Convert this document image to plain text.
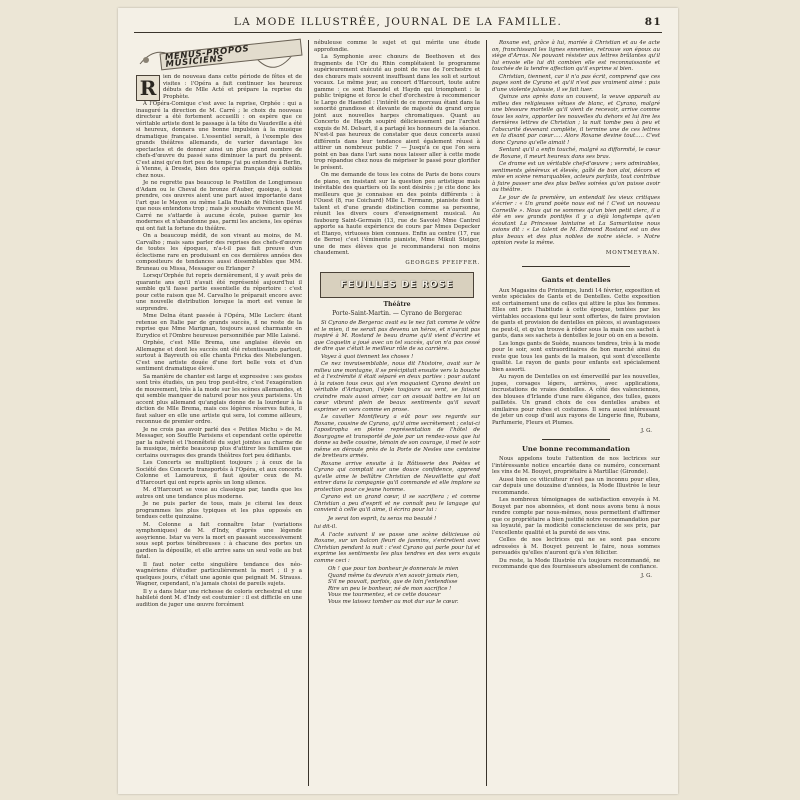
LA MODE ILLUSTRÉE, JOURNAL DE LA FAMILLE.	81
MENUS-PROPOS MUSICIENS

R	ien de nouveau dans cette période de fêtes et de visites : l'Opéra a fait continuer les heureux débuts de Mlle Acté et prépare la reprise du Prophète.

A l'Opéra-Comique c'est avec la reprise, Orphée : qui a inauguré la direction de M. Carré ; le choix du nouveau directeur a été fortement accueilli : on espère que ce véritable artiste dont le passage à la tête du Vaudeville a été si heureux, donnera une bonne impulsion à la musique dramatique française. L'essentiel serait, à l'exemple des grands théâtres allemands, de varier davantage les spectacles et de donner ainsi un plus grand nombre de chefs-d'œuvre du passé sans diminuer la part du présent. C'est ainsi qu'en fort peu de temps j'ai pu entendre à Berlin, à Vienne, à Dresde, bien des opéras français déjà oubliés chez nous.

Je ne regrette pas beaucoup le Postillon de Longjumeau d'Adam ou le Cheval de bronze d'Auber, quoique, à tout prendre, ces œuvres aient une part aussi importante dans l'art que le Mayon ou même Lalla Roukh de Félicien David que nous entendons trop ; mais je souhaite vivement que M. Carré ne s'attarde à aucune école, puisse garnir les modernes et n'abandonne pas, parmi les anciens, les opéras qui ont fait la fortune du théâtre.

On a beaucoup médit, de son vivant au moins, de M. Carvalho ; mais sans parler des reprises des chefs-d'œuvre de toutes les époques, n'a-t-il pas fait preuve d'un éclectisme rare en produisant en ces dernières années des compositeurs de tendances aussi dissemblables que MM. Bruneau ou Missa, Messager ou Erlanger ?

Lorsqu'Orphée fut repris dernièrement, il y avait près de quarante ans qu'il n'avait été représenté aujourd'hui il semble qu'il fasse partie essentielle du répertoire : c'est pour cette raison que M. Carvalho le préparait encore avec une nouvelle distribution lorsque la mort est venue le surprendre.

Mme Delna étant passée à l'Opéra, Mlle Leclerc étant retenue en Italie par de grands succès, il ne reste de la reprise que Mme Marignan, toujours aussi charmante en Eurydice et l'Ombre heureuse personnifiée par Mlle Laisné.

Orphée, c'est Mlle Brema, une anglaise élevée en Allemagne et dont les succès ont été retentissants partout, surtout à Bayreuth où elle chanta Fricka des Niebelungen. C'est une artiste douée d'une fort belle voix et d'un sentiment dramatique élevé.

Sa manière de chanter est large et expressive : ses gestes sont très étudiés, un peu trop peut-être, c'est l'exagération de mouvement, très à la mode sur les scènes allemandes, et qui semble manquer de naturel pour nos yeux parisiens. Un accent plus allemand qu'anglais donne de la lourdeur à la diction de Mlle Brema, mais ces légères réserves faites, il faut saluer en elle une artiste qui sera, loi comme ailleurs, reconnue de premier ordre.

Je ne crois pas avoir parlé des « Petites Michu » de M. Messager, son Souffle Parisiens et cependant cette opérette par la naïveté et l'honnêteté du sujet jointes au charme de la musique, mérite beaucoup plus d'attirer les familles que certains ouvrages des grands théâtres fort peu édifiants.

Les Concerts se multiplient toujours ; à ceux de la Société des Concerts transportés à l'Opéra, et aux concerts Colonne et Lamoureux, il faut ajouter ceux de M. d'Harcourt qui ont repris après un long silence.

M. d'Harcourt se voue au classique par, tandis que les autres ont une tendance plus moderne.

Je ne puis parler de tous, mais je citerai les deux programmes les plus typiques et les plus opposés en tendues cette quinzaine.

M. Colonne a fait connaître Istar (variations symphoniques) de M. d'Indy, d'après une légende assyrienne. Istar va vers la mort en passant successivement sous sept portes ténébreuses : à chacune des portes un gardien la dépouille, et elle arrive sans un seul voile au but fatal.

Il faut noter cette singulière tendance des néo-wagnériens d'étudier particulièrement la mort ; il y a quelques jours, c'était une agonie que peignait M. Strauss. Wagner, cependant, n'a jamais choisi de pareils sujets.

Il y a dans Istar une richesse de coloris orchestral et une habileté dont M. d'Indy est coutumier : il est difficile en une audition de juger une œuvre forcément

nébuleuse comme le sujet et qui mérite une étude approfondie.

La Symphonie avec chœurs de Beethoven et des fragments de l'Or du Rhin complétaient le programme supérieurement exécuté au point de vue de l'orchestre et des chœurs mais souvent insuffisant dans les soli et surtout vocaux. Le même jour, au concert d'Harcourt, toute autre gamme : ce sont Haendel et Haydn qui triomphent : le public trépigne et force le chef d'orchestre à recommencer le Largo de Haendel : l'intérêt de ce morceau étant dans la sonorité grandiose et élevante de majesté du grand orgue joint aux nouvelles harpes chromatiques. Quant au Concerto de Haydn soupiré délicieusement par l'archet exquis de M. Delsart, il a partagé les honneurs de la séance. N'est-il pas heureux de constater que deux concerts aussi différents dans leur tendance aient également réussi à attirer un nombreux public ? — Jusqu'à ce que l'on sera point en bas dans l'art sans nous laisser aller à cette mode trop répandue chez nous de mépriser le passé pour glorifier le présent.

On me demande de tous les coins de Paris de bons cours de piano, en insistant sur la question peu artistique mais inévitable des quartiers où ils sont désirés ; je cite donc les meilleurs que je connaisse en des points différents : à l'Ouest (8, rue Coichard) Mlle L. Fermann, pianiste dont le talent et d'une grande distinction comme sa personne, réunit les divers cours d'enseignement musical. Au faubourg Saint-Germain (13, rue de Savoie) Mme Cantrel apporte sa haute expérience de cours par Mmes Depecker et Etanyo, virtuoses bien connues. Enfin au centre (17, rue de Berne) c'est l'éminente pianiste, Mme Mikuli Steiger, une de mes élèves que je recommanderai non moins chaudement.

GEORGES PFEIFFER.
FEUILLES DE ROSE
Théâtre
Porte-Saint-Martin. — Cyrano de Bergerac

Si Cyrano de Bergerac avait eu le nez fait comme le vôtre et le mien, il ne serait pas devenu un héros, et n'aurait pas inspiré à M. Rostand le beau drame qu'il vient d'écrire et que Coquelin a joué avec un tel succès, qu'on n'a pas cessé de dire que c'était le meilleur rôle de sa carrière.

Voyez à quoi tiennent les choses !

Ce nez invraisemblable, nous dit l'histoire, avait sur le milieu une montagne, il se précipitait ensuite vers la bouche et à l'extrémité il était séparé en deux parties : pour autant à la raison tous ceux qui s'en moquaient Cyrano devint un véritable d'Artagnan, l'épée toujours au vent, se faisant craindre mais aussi aimer, car on avouait battre en lui un cœur vibrant plein de beaux sentiments qu'il savait exprimer en vers comme en prose.

Le cavalier Montfleury a eût pour ses regards sur Roxane, cousine de Cyrano, qu'il aime secrètement ; celui-ci l'apostropha en pleine représentation de l'hôtel de Bourgogne et transporté de joie par un rendez-vous que lui donne sa belle cousine, témoin de son courage, il met le soir même en déroute près de la Porte de Nesles une centaine de bretteurs armés.

Roxane arrive ensuite à la Rôtisserie des Poètes et Cyrano qui comptait sur une douce confidence, apprend qu'elle aime le bellâtre Christian de Neuvillette qui doit entrer dans la compagnie qu'il commande et elle implore sa protection pour ce jeune homme.

Cyrano est un grand cœur, il se sacrifiera ; et comme Christian a peu d'esprit et ne connaît peu le langage qui convient à celle qu'il aime, il écrira pour lui :

Je serai ton esprit, tu seras ma beauté !

lui dit-il.

A l'acte suivant il se passe une scène délicieuse où Roxane, sur un balcon fleuri de jasmins, s'entretient avec Christian pendant la nuit : c'est Cyrano qui parle pour lui et exprime les sentiments les plus tendres en des vers exquis comme ceci :

Oh ! que pour ton bonheur je donnerais le mien
Quand même tu devrais n'en savoir jamais rien,
S'il ne pouvait, parfois, que de loin j'entendisse
Rire un peu le bonheur, né de mon sacrifice !
Vous me tourmentez, et ce cette douceur
Vous me laissez tomber au mot dur sur le cœur.

Roxane est, grâce à lui, mariée à Christian et au 4e acte on, franchissant les lignes ennemies, retrouve son époux au siège d'Arras. Ne pouvant résister aux lettres brûlantes qu'il lui envoie elle lui dit combien elle est reconnaissante et touchée de la tendre affection qu'il exprime si bien.

Christian, tiennent, car il n'a pas écrit, comprend que ces pages sont de Cyrano et qu'il n'est pas vraiment aimé : puis d'une violente jalousie, il se fait tuer.

Quinze ans après dans un couvent, la veuve apparaît au milieu des religieuses vêtues de blanc, et Cyrano, malgré une blessure mortelle qu'il vient de recevoir, arrive comme tous les soirs, apporter les nouvelles du dehors et lui lire les dernières lettres de Christian ; la nuit tombe peu à peu et l'obscurité devenant complète, il termine une de ces lettres en la disant par cœur….. Alors Roxane devine tout….. C'est donc Cyrano qu'elle aimait !

Sentant qu'il a enfin touché, malgré sa difformité, le cœur de Roxane, il meurt heureux dans ses bras.

Ce drame est un véritable chef-d'œuvre ; vers admirables, sentiments généreux et élevés, gaîté de bon aloi, décors et mise en scène remarquables, acteurs parfaits, tout contribue à faire passer une des plus belles soirées qu'on puisse avoir au théâtre.

Le jour de la première, un entendait les vieux critiques s'écrier : « Un grand poète nous est né ! C'est un nouveau Corneille ». Nous qui ne sommes qu'un bien petit clerc, il a été en ses grands pontifes il y a déjà longtemps qu'en écoutant La Princesse lointaine et La Samaritaine nous avions dit : « Le talent de M. Edmond Rostand est un des plus beaux et des plus nobles de notre siècle. » Notre opinion reste la même.

MONTMEYRAN.
Gants et dentelles

Aux Magasins du Printemps, lundi 14 février, exposition et vente spéciales de Gants et de Dentelles. Cette exposition est certainement une de celles qui attire le plus les femmes. Elles ont pris l'habitude à cette époque, tentées par les véritables occasions qui leur sont offertes, de faire provision de gants et provision de dentelles en pièces, si avantageuses ne peut-il, et qu'on trouve à rôder sous la main ces sachet à gants, dans ses sachets à dentelles le jour où on en a besoin.

Les longs gants de Suède, nuances tendres, très à la mode pour le soir, sont extraordinaires de bon marché ainsi du reste que tous les gants de la maison, qui sont d'excellente qualité. Le rayon de gants pour enfants est spécialement bien assorti.

Au rayon de Dentelles on est émerveillé par les nouvelles, jupes, corsages légers, arrières, avec applications, incrustations de vraies dentelles. A côté des valenciennes, des blouses d'Irlande d'une rare élégance, des tulles, gazes pailletés. Un grand choix de ces dentelles arabes et similaires pour robes et costumes. Il sera aussi intéressant de jeter un coup d'œil aux rayons de Lingerie fine, Rubans, Parfumerie, Fleurs et Plumes.

J. G.
Une bonne recommandation

Nous appelons toute l'attention de nos lectrices sur l'intéressante notice encartée dans ce numéro, concernant les vins de M. Bouyet, propriétaire à Martillac (Gironde).

Aussi bien ce viticulteur n'est pas un inconnu pour elles, car depuis une douzaine d'années, la Mode Illustrée le leur recommande.

Les nombreux témoignages de satisfaction envoyés à M. Bouyet par nos abonnées, et dont nous avons tenu à nous rendre compte par nous-mêmes, nous permettent d'affirmer que ce propriétaire a bien justifié notre recommandation par sa loyauté, par la modicité consciencieuse de ses prix, par l'excellente qualité et la pureté de ses vins.

Celles de nos lectrices qui ne se sont pas encore adressées à M. Bouyet peuvent le faire, nous sommes persuadés qu'elles n'auront qu'à s'en féliciter.

Du reste, la Mode Illustrée n'a toujours recommandé, ne recommande que des fournisseurs absolument de confiance.

J. G.
